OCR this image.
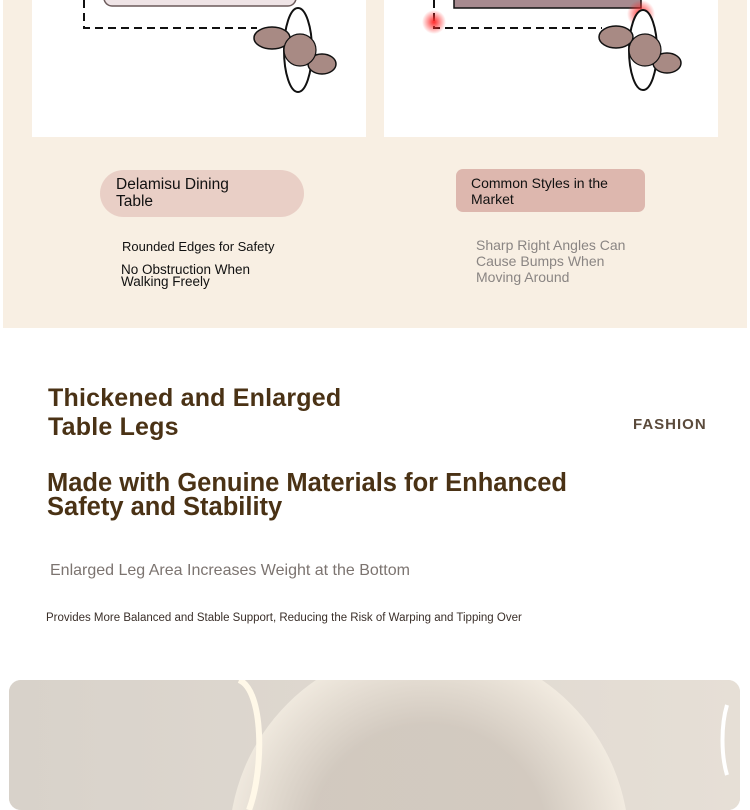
Delamisu Dining Table
Common Styles in the Market
Rounded Edges for Safety
No Obstruction When Walking Freely
Sharp Right Angles Can Cause Bumps When Moving Around
Thickened and Enlarged Table Legs	FASHION
Made with Genuine Materials for Enhanced Safety and Stability
Enlarged Leg Area Increases Weight at the Bottom
Provides More Balanced and Stable Support, Reducing the Risk of Warping and Tipping Over
